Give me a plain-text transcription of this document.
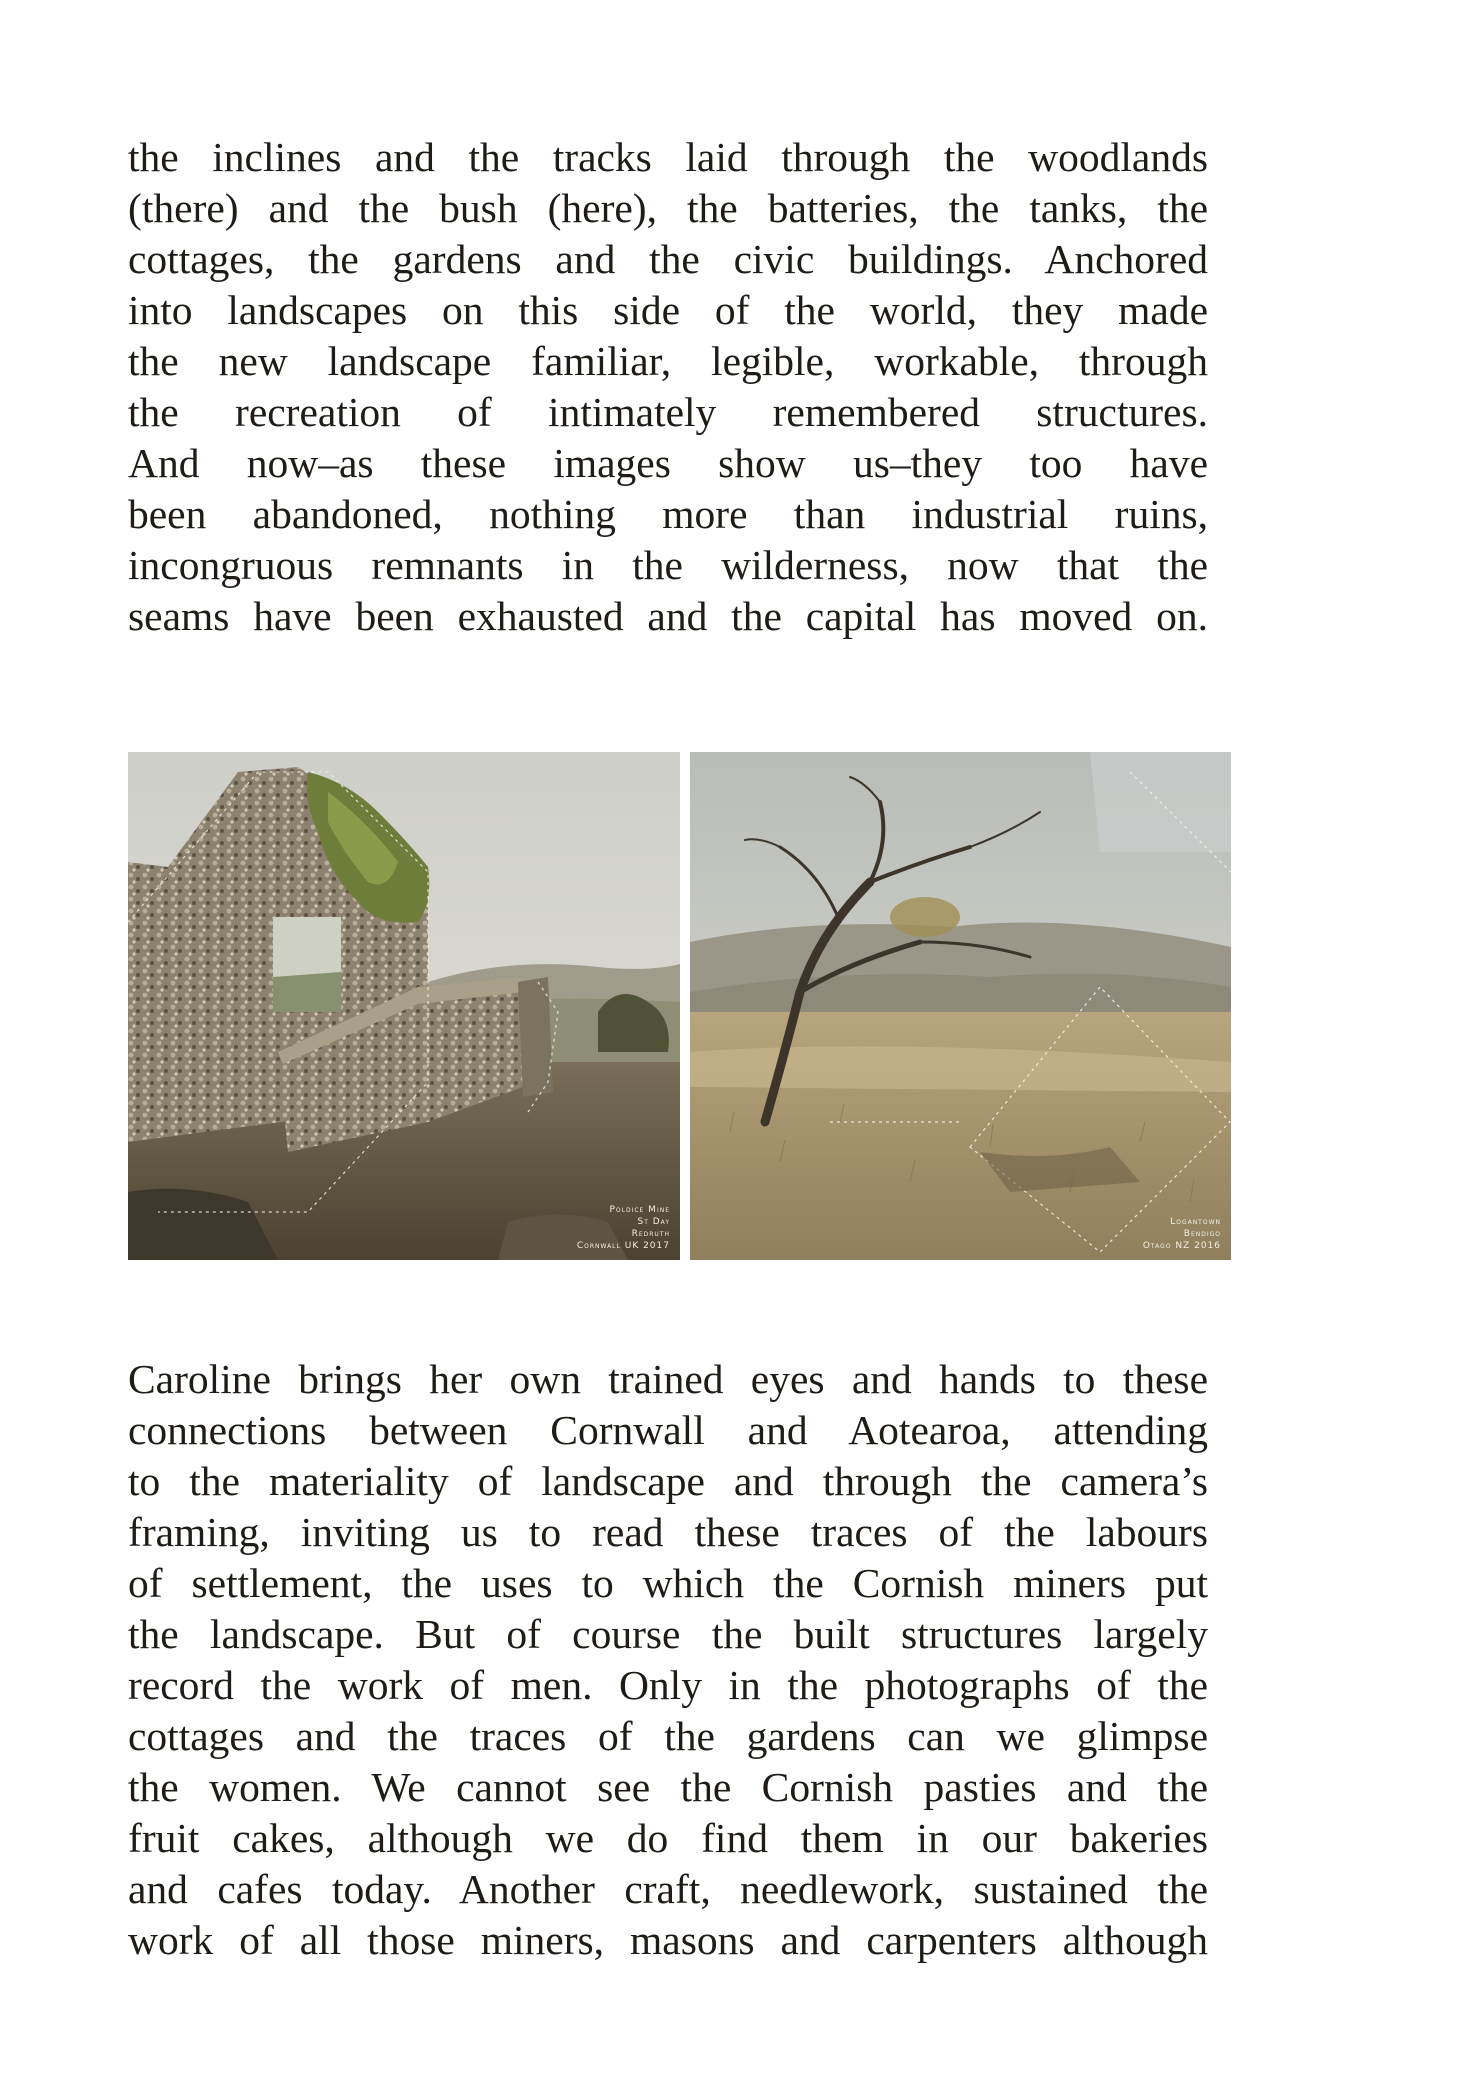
the inclines and the tracks laid through the woodlands
(there) and the bush (here), the batteries, the tanks, the
cottages, the gardens and the civic buildings. Anchored
into landscapes on this side of the world, they made
the new landscape familiar, legible, workable, through
the recreation of intimately remembered structures.
And now–as these images show us–they too have
been abandoned, nothing more than industrial ruins,
incongruous remnants in the wilderness, now that the
seams have been exhausted and the capital has moved on.
Poldice Mine
St Day
Redruth
Cornwall UK 2017
Logantown
Bendigo
Otago NZ 2016
Caroline brings her own trained eyes and hands to these
connections between Cornwall and Aotearoa, attending
to the materiality of landscape and through the camera’s
framing, inviting us to read these traces of the labours
of settlement, the uses to which the Cornish miners put
the landscape. But of course the built structures largely
record the work of men. Only in the photographs of the
cottages and the traces of the gardens can we glimpse
the women. We cannot see the Cornish pasties and the
fruit cakes, although we do find them in our bakeries
and cafes today. Another craft, needlework, sustained the
work of all those miners, masons and carpenters although
